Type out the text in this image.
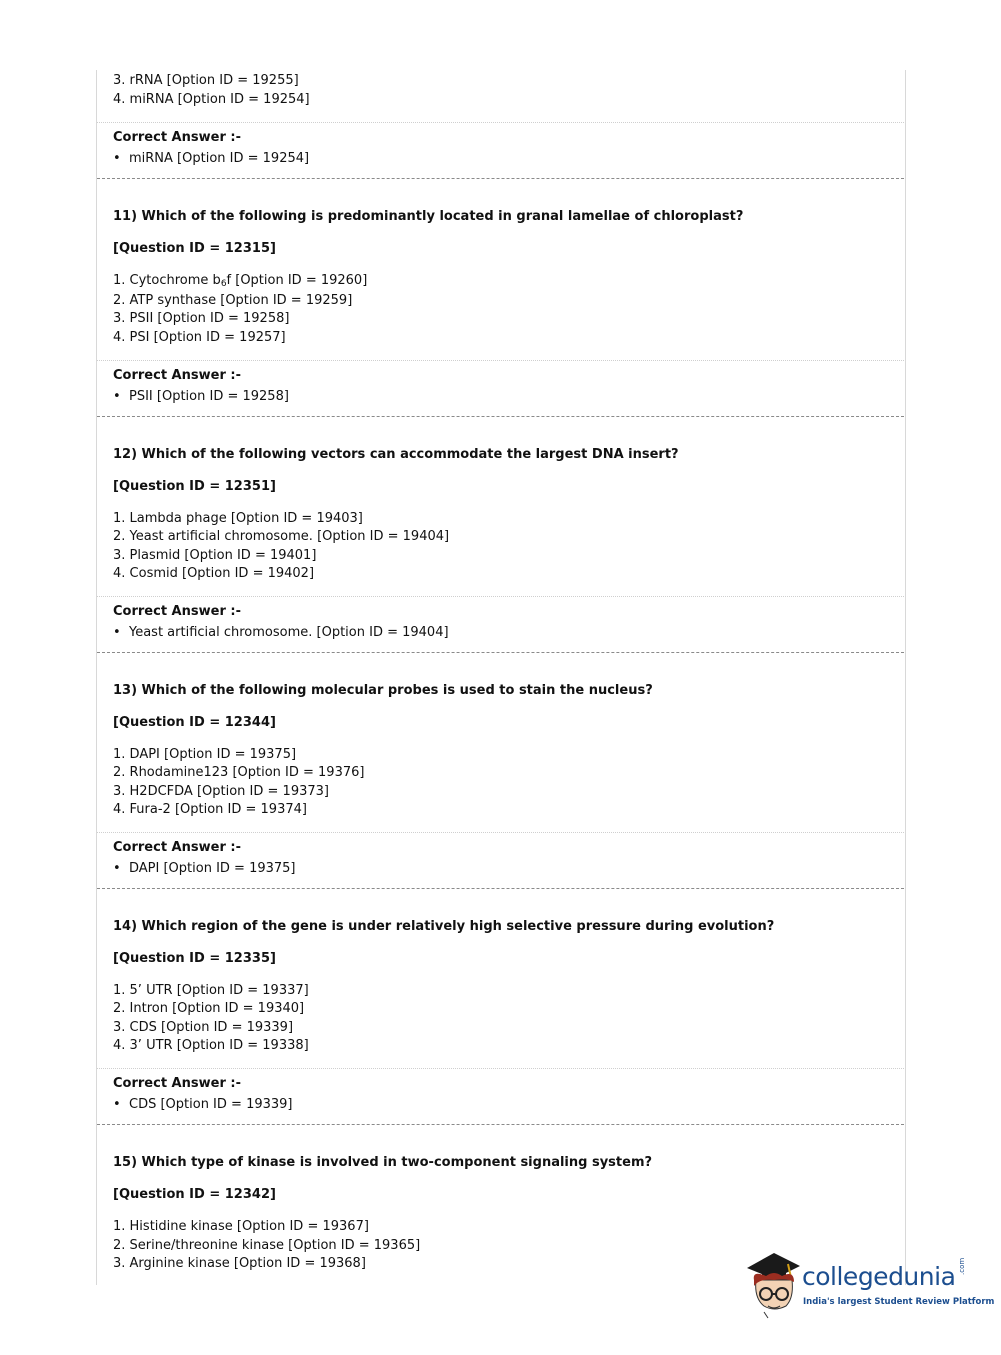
3. rRNA [Option ID = 19255]
4. miRNA [Option ID = 19254]
Correct Answer :-
• miRNA [Option ID = 19254]
11) Which of the following is predominantly located in granal lamellae of chloroplast?
[Question ID = 12315]
1. Cytochrome $b_6f$ [Option ID = 19260]
2. ATP synthase [Option ID = 19259]
3. PSII [Option ID = 19258]
4. PSI [Option ID = 19257]
Correct Answer :-
• PSII [Option ID = 19258]
12) Which of the following vectors can accommodate the largest DNA insert?
[Question ID = 12351]
1. Lambda phage [Option ID = 19403]
2. Yeast artificial chromosome. [Option ID = 19404]
3. Plasmid [Option ID = 19401]
4. Cosmid [Option ID = 19402]
Correct Answer :-
• Yeast artificial chromosome. [Option ID = 19404]
13) Which of the following molecular probes is used to stain the nucleus?
[Question ID = 12344]
1. DAPI [Option ID = 19375]
2. Rhodamine123 [Option ID = 19376]
3. H2DCFDA [Option ID = 19373]
4. Fura-2 [Option ID = 19374]
Correct Answer :-
• DAPI [Option ID = 19375]
14) Which region of the gene is under relatively high selective pressure during evolution?
[Question ID = 12335]
1. 5’ UTR [Option ID = 19337]
2. Intron [Option ID = 19340]
3. CDS [Option ID = 19339]
4. 3’ UTR [Option ID = 19338]
Correct Answer :-
• CDS [Option ID = 19339]
15) Which type of kinase is involved in two-component signaling system?
[Question ID = 12342]
1. Histidine kinase [Option ID = 19367]
2. Serine/threonine kinase [Option ID = 19365]
3. Arginine kinase [Option ID = 19368]	collegedunia .com
India's largest Student Review Platform
